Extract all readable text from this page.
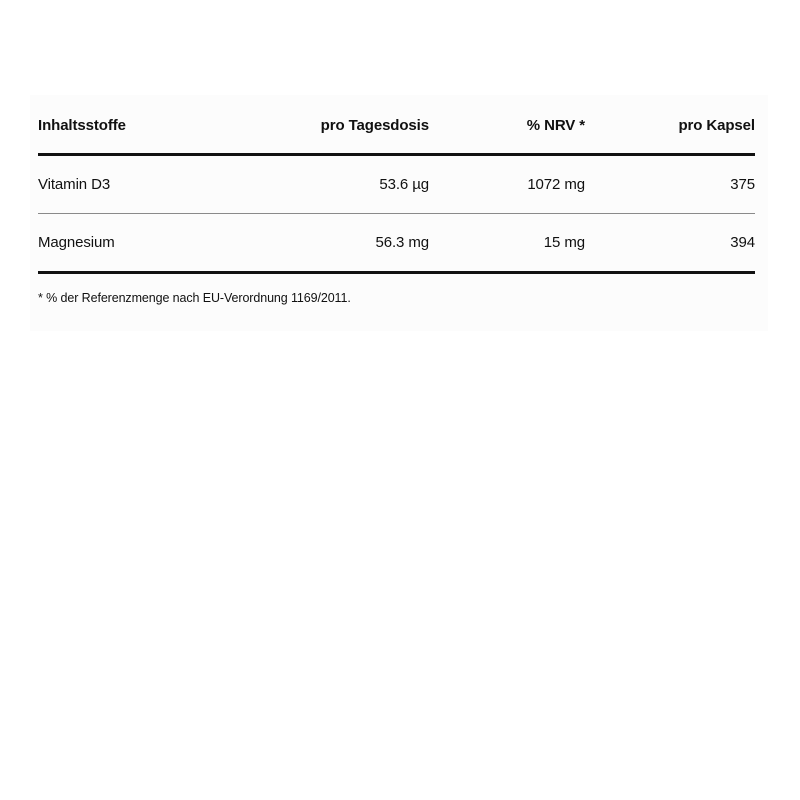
Inhaltsstoffe	pro Tagesdosis	% NRV *	pro Kapsel
Vitamin D3	53.6 µg	1072 mg	375
Magnesium	56.3 mg	15 mg	394
* % der Referenzmenge nach EU-Verordnung 1169/2011.
